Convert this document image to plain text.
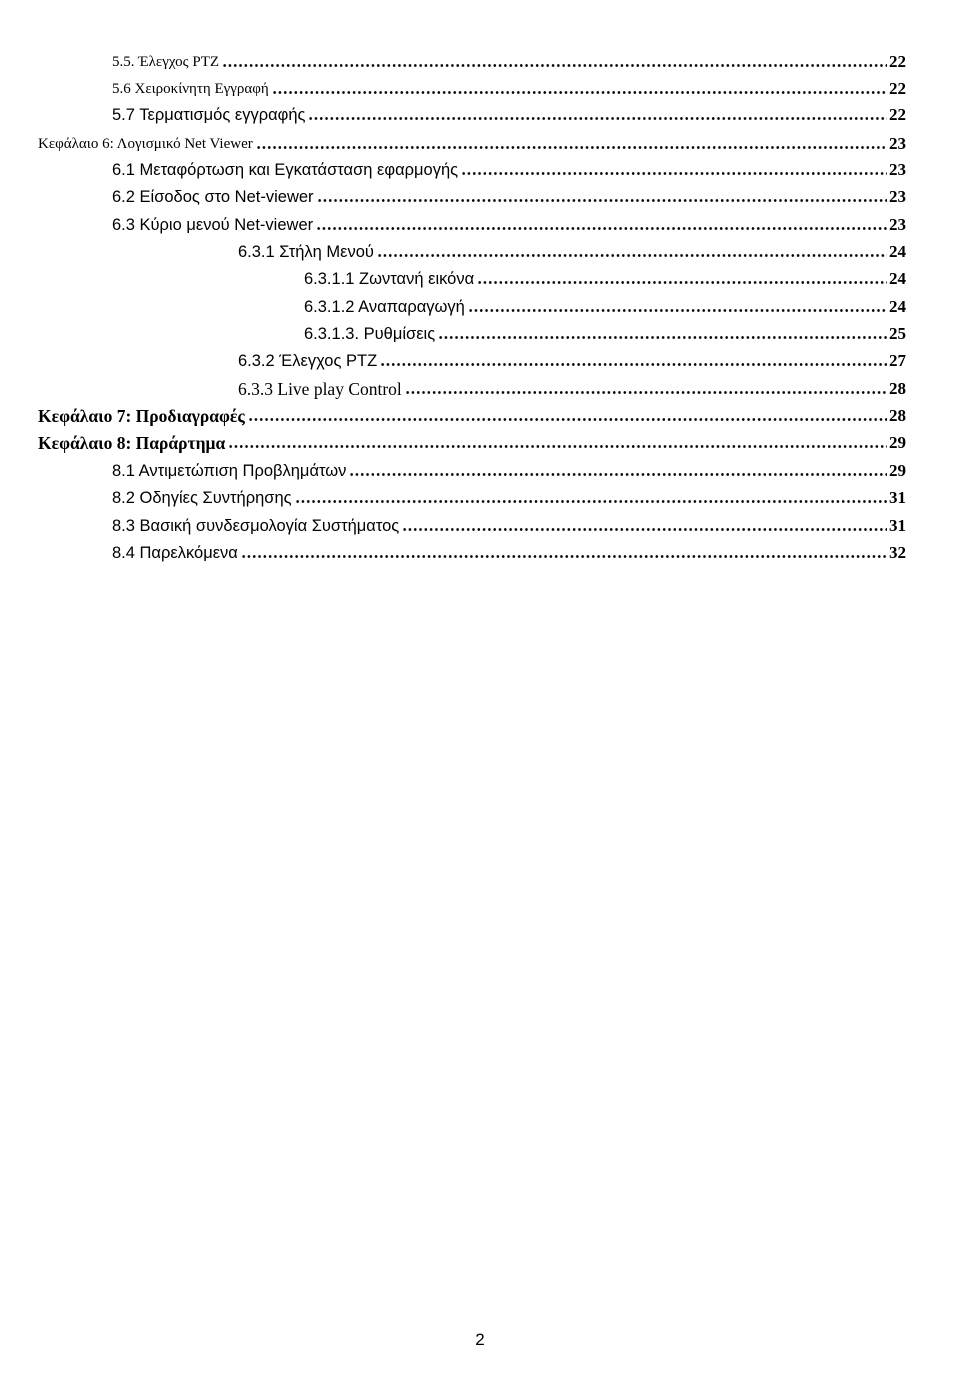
5.5. Έλεγχος PTZ	22
5.6 Χειροκίνητη Εγγραφή	22
5.7 Τερματισμός εγγραφής	22
Κεφάλαιο 6: Λογισμικό Net Viewer	23
6.1 Μεταφόρτωση και Εγκατάσταση εφαρμογής	23
6.2 Είσοδος στο Net-viewer	23
6.3 Κύριο μενού Net-viewer	23
6.3.1 Στήλη Μενού	24
6.3.1.1 Ζωντανή εικόνα	24
6.3.1.2 Αναπαραγωγή	24
6.3.1.3. Ρυθμίσεις	25
6.3.2 Έλεγχος PTZ	27
6.3.3 Live play Control	28
Κεφάλαιο 7: Προδιαγραφές	28
Κεφάλαιο 8: Παράρτημα	29
8.1 Αντιμετώπιση Προβλημάτων	29
8.2 Οδηγίες Συντήρησης	31
8.3 Βασική συνδεσμολογία Συστήματος	31
8.4 Παρελκόμενα	32
2
